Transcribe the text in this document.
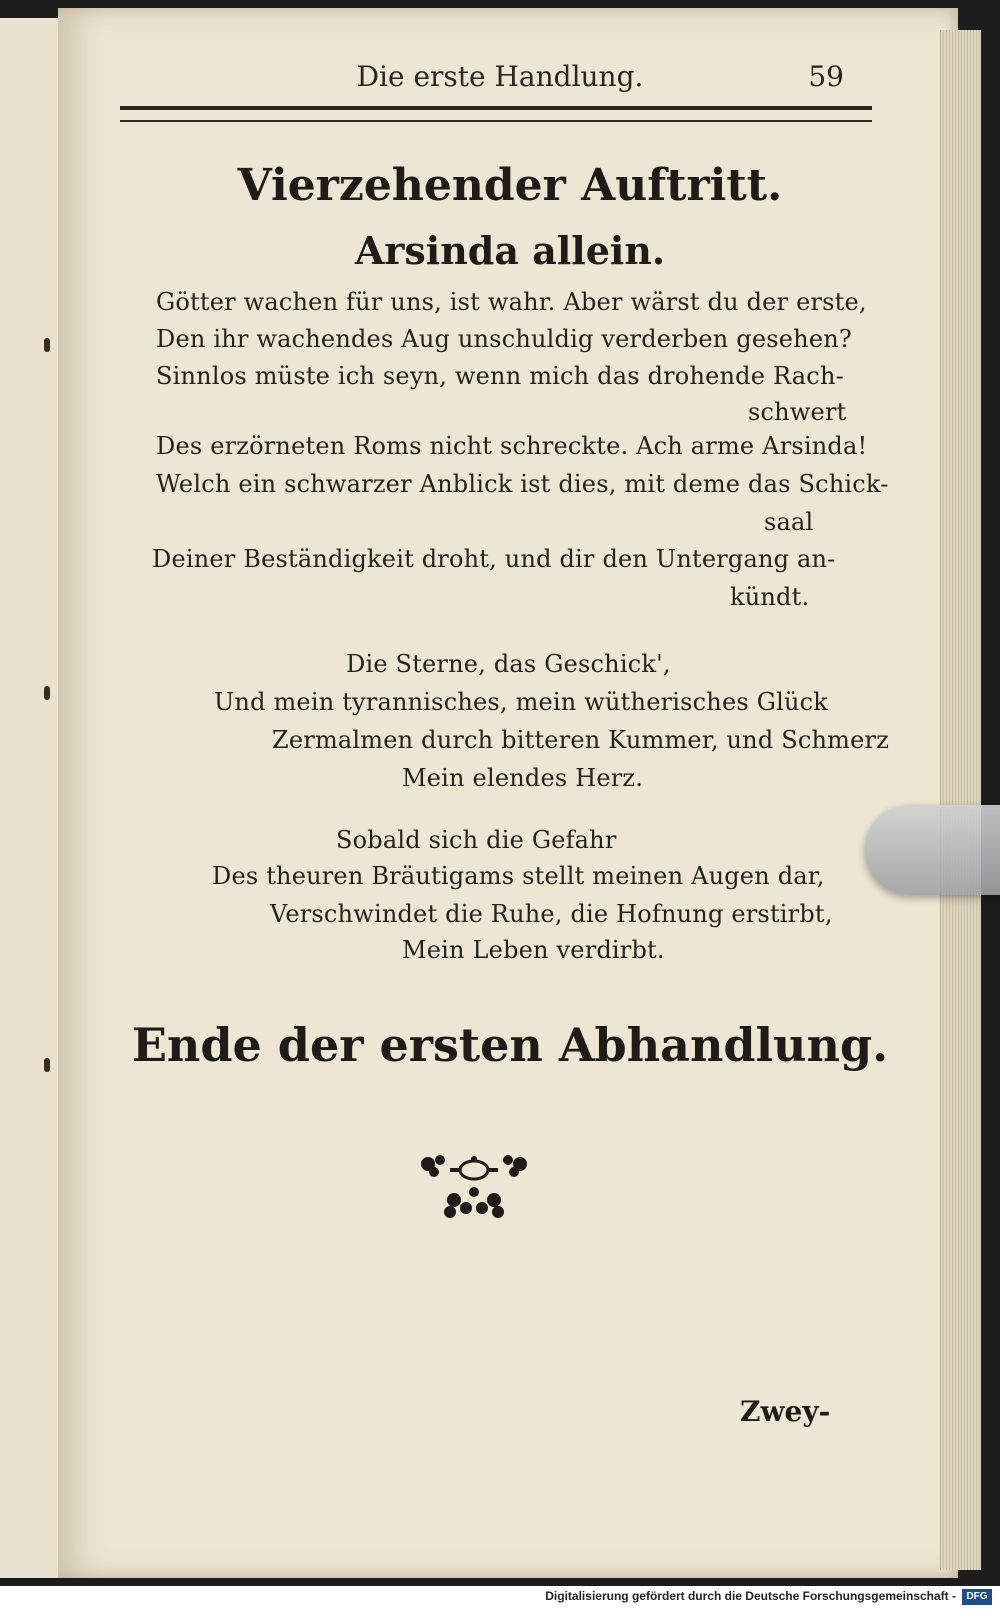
Die erste Handlung.	59
Vierzehender Auftritt.
Arsinda allein.
Götter wachen für uns, ist wahr. Aber wärst du der erste,
Den ihr wachendes Aug unschuldig verderben gesehen?
Sinnlos müste ich seyn, wenn mich das drohende Rach-
schwert
Des erzörneten Roms nicht schreckte. Ach arme Arsinda!
Welch ein schwarzer Anblick ist dies, mit deme das Schick-
saal
Deiner Beständigkeit droht, und dir den Untergang an-
kündt.
Die Sterne, das Geschick',
Und mein tyrannisches, mein wütherisches Glück
Zermalmen durch bitteren Kummer, und Schmerz
Mein elendes Herz.
Sobald sich die Gefahr
Des theuren Bräutigams stellt meinen Augen dar,
Verschwindet die Ruhe, die Hofnung erstirbt,
Mein Leben verdirbt.
Ende der ersten Abhandlung.
Zwey-
Digitalisierung gefördert durch die Deutsche Forschungsgemeinschaft -	DFG
